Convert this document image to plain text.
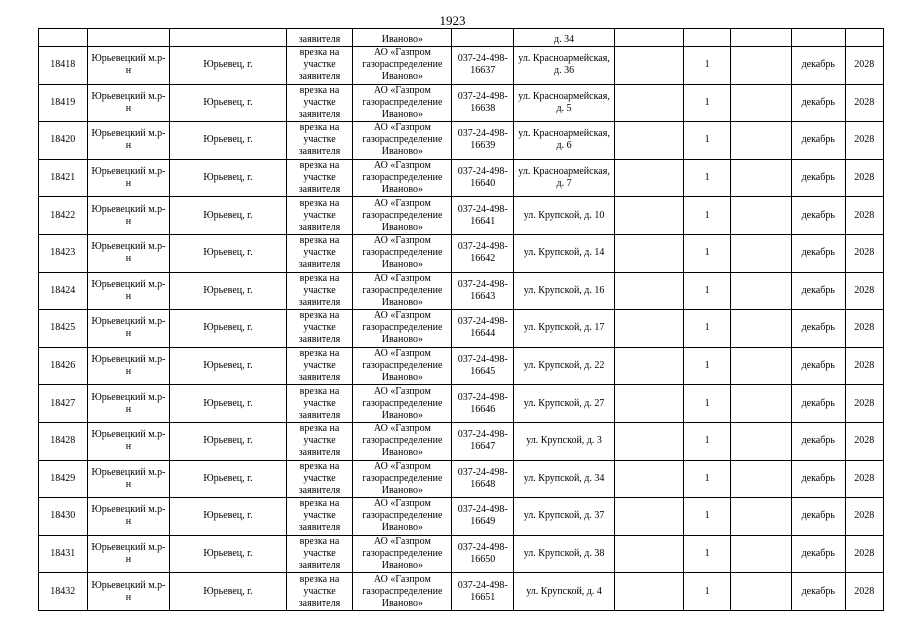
1923
			заявителя	Иваново»		д. 34					
18418	Юрьевецкий м.р-н	Юрьевец, г.	врезка на участке заявителя	АО «Газпром газораспределение Иваново»	037-24-498-16637	ул. Красноармейская, д. 36		1		декабрь	2028
18419	Юрьевецкий м.р-н	Юрьевец, г.	врезка на участке заявителя	АО «Газпром газораспределение Иваново»	037-24-498-16638	ул. Красноармейская, д. 5		1		декабрь	2028
18420	Юрьевецкий м.р-н	Юрьевец, г.	врезка на участке заявителя	АО «Газпром газораспределение Иваново»	037-24-498-16639	ул. Красноармейская, д. 6		1		декабрь	2028
18421	Юрьевецкий м.р-н	Юрьевец, г.	врезка на участке заявителя	АО «Газпром газораспределение Иваново»	037-24-498-16640	ул. Красноармейская, д. 7		1		декабрь	2028
18422	Юрьевецкий м.р-н	Юрьевец, г.	врезка на участке заявителя	АО «Газпром газораспределение Иваново»	037-24-498-16641	ул. Крупской, д. 10		1		декабрь	2028
18423	Юрьевецкий м.р-н	Юрьевец, г.	врезка на участке заявителя	АО «Газпром газораспределение Иваново»	037-24-498-16642	ул. Крупской, д. 14		1		декабрь	2028
18424	Юрьевецкий м.р-н	Юрьевец, г.	врезка на участке заявителя	АО «Газпром газораспределение Иваново»	037-24-498-16643	ул. Крупской, д. 16		1		декабрь	2028
18425	Юрьевецкий м.р-н	Юрьевец, г.	врезка на участке заявителя	АО «Газпром газораспределение Иваново»	037-24-498-16644	ул. Крупской, д. 17		1		декабрь	2028
18426	Юрьевецкий м.р-н	Юрьевец, г.	врезка на участке заявителя	АО «Газпром газораспределение Иваново»	037-24-498-16645	ул. Крупской, д. 22		1		декабрь	2028
18427	Юрьевецкий м.р-н	Юрьевец, г.	врезка на участке заявителя	АО «Газпром газораспределение Иваново»	037-24-498-16646	ул. Крупской, д. 27		1		декабрь	2028
18428	Юрьевецкий м.р-н	Юрьевец, г.	врезка на участке заявителя	АО «Газпром газораспределение Иваново»	037-24-498-16647	ул. Крупской, д. 3		1		декабрь	2028
18429	Юрьевецкий м.р-н	Юрьевец, г.	врезка на участке заявителя	АО «Газпром газораспределение Иваново»	037-24-498-16648	ул. Крупской, д. 34		1		декабрь	2028
18430	Юрьевецкий м.р-н	Юрьевец, г.	врезка на участке заявителя	АО «Газпром газораспределение Иваново»	037-24-498-16649	ул. Крупской, д. 37		1		декабрь	2028
18431	Юрьевецкий м.р-н	Юрьевец, г.	врезка на участке заявителя	АО «Газпром газораспределение Иваново»	037-24-498-16650	ул. Крупской, д. 38		1		декабрь	2028
18432	Юрьевецкий м.р-н	Юрьевец, г.	врезка на участке заявителя	АО «Газпром газораспределение Иваново»	037-24-498-16651	ул. Крупской, д. 4		1		декабрь	2028
